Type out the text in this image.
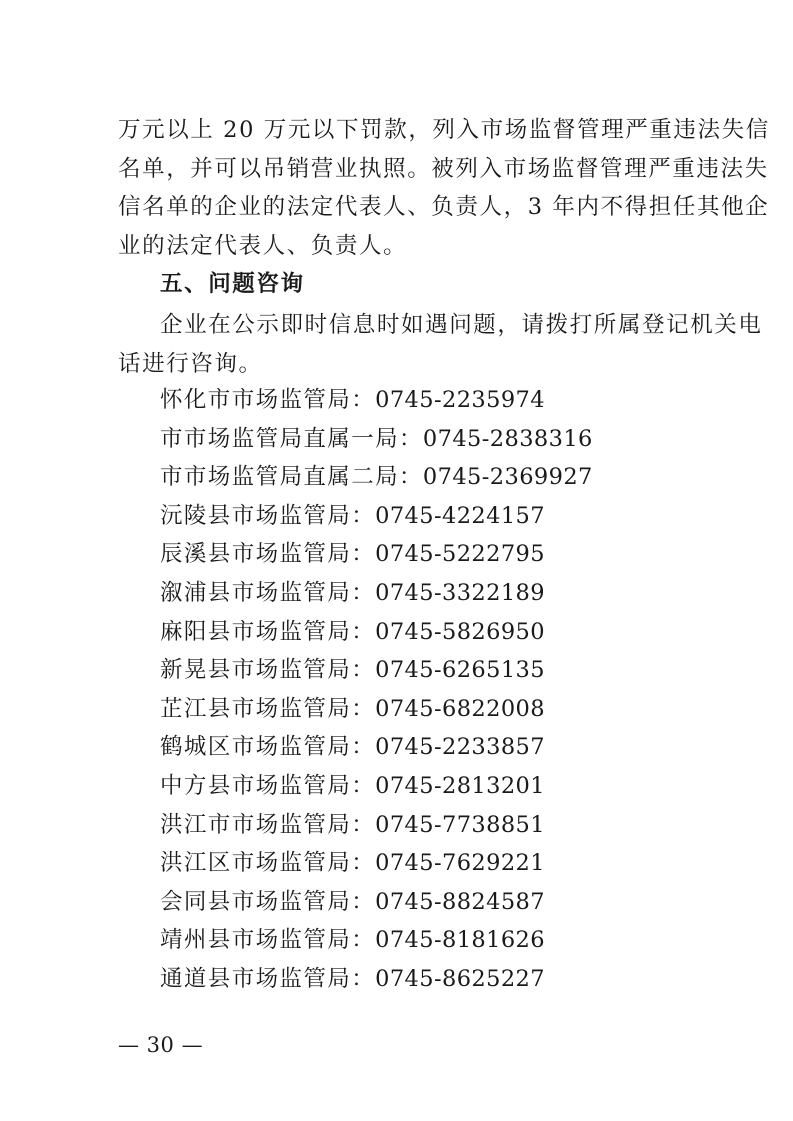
万元以上 20 万元以下罚款，列入市场监督管理严重违法失信
名单，并可以吊销营业执照。被列入市场监督管理严重违法失
信名单的企业的法定代表人、负责人，3 年内不得担任其他企
业的法定代表人、负责人。
五、问题咨询
企业在公示即时信息时如遇问题，请拨打所属登记机关电
话进行咨询。
怀化市市场监管局：0745-2235974
市市场监管局直属一局：0745-2838316
市市场监管局直属二局：0745-2369927
沅陵县市场监管局：0745-4224157
辰溪县市场监管局：0745-5222795
溆浦县市场监管局：0745-3322189
麻阳县市场监管局：0745-5826950
新晃县市场监管局：0745-6265135
芷江县市场监管局：0745-6822008
鹤城区市场监管局：0745-2233857
中方县市场监管局：0745-2813201
洪江市市场监管局：0745-7738851
洪江区市场监管局：0745-7629221
会同县市场监管局：0745-8824587
靖州县市场监管局：0745-8181626
通道县市场监管局：0745-8625227
— 30 —
